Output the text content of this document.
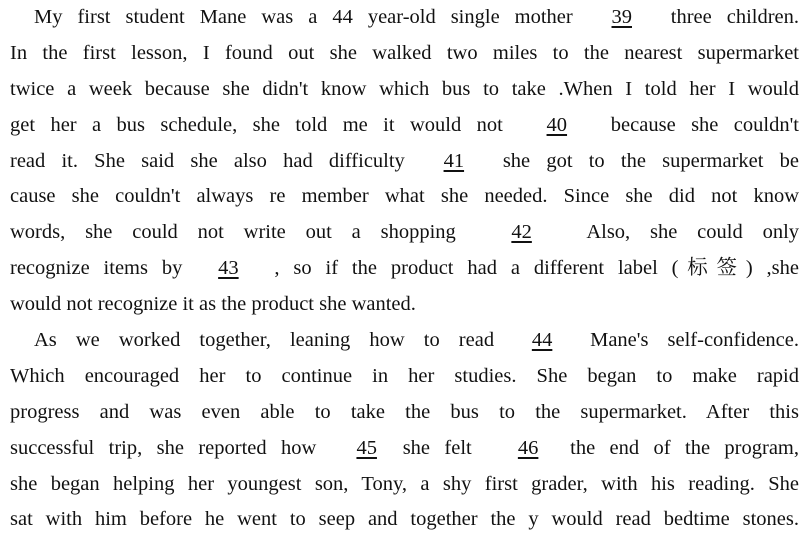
My first student Mane was a 44 year-old single mother 39 three children.
In the first lesson, I found out she walked two miles to the nearest supermarket
twice a week because she didn't know which bus to take .When I told her I would
get her a bus schedule, she told me it would not 40 because she couldn't
read it. She said she also had difficulty 41 she got to the supermarket be
cause she couldn't always re member what she needed. Since she did not know
words, she could not write out a shopping	42	Also, she could only
recognize items by 43 , so if the product had a different label (标签) ,she
would not recognize it as the product she wanted.
As we worked together, leaning how to read 44 Mane's self-confidence.
Which encouraged her to continue in her studies. She began to make rapid
progress and was even able to take the bus to the supermarket. After this
successful trip, she reported how 45 she felt 46 the end of the program,
she began helping her youngest son, Tony, a shy first grader, with his reading. She
sat with him before he went to seep and together the y would read bedtime stones.
